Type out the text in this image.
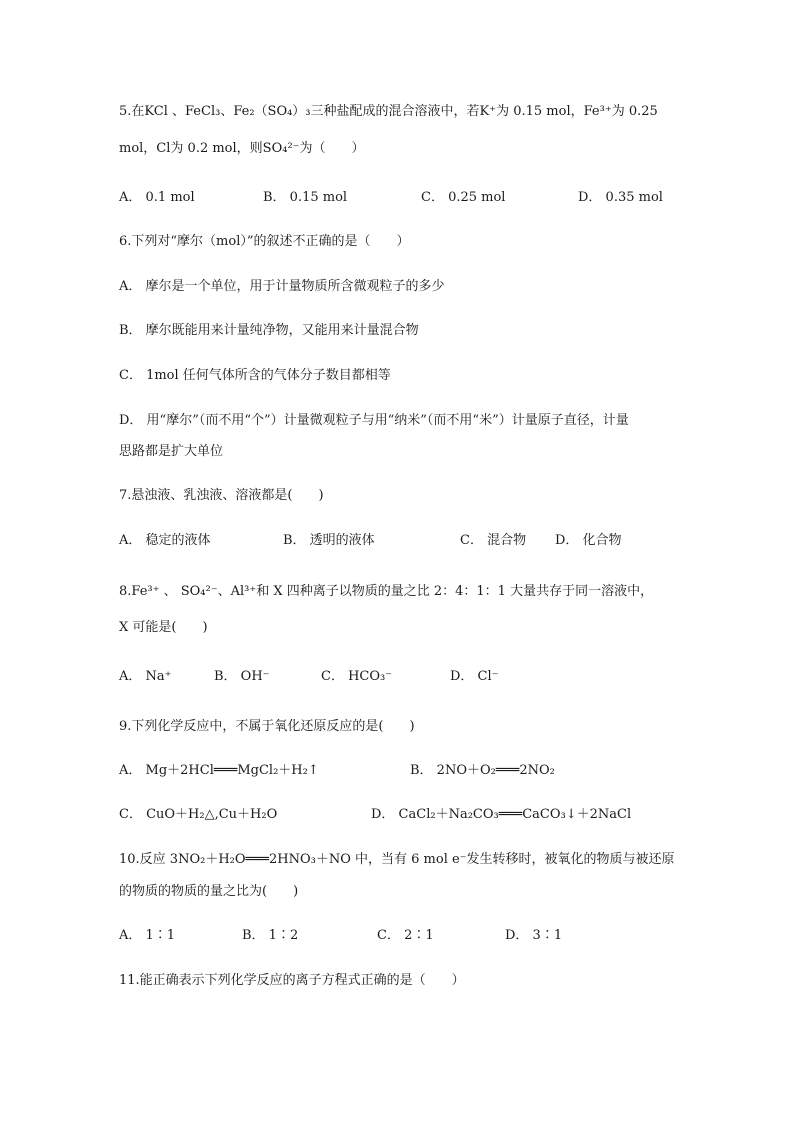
5.在KCl 、FeCl₃、Fe₂（SO₄）₃三种盐配成的混合溶液中，若K⁺为 0.15 mol，Fe³⁺为 0.25
mol，Cl为 0.2 mol，则SO₄²⁻为（　　）
A． 0.1 mol	B． 0.15 mol	C． 0.25 mol	D． 0.35 mol
6.下列对“摩尔（mol）”的叙述不正确的是（　　）
A． 摩尔是一个单位，用于计量物质所含微观粒子的多少
B． 摩尔既能用来计量纯净物，又能用来计量混合物
C． 1mol 任何气体所含的气体分子数目都相等
D． 用“摩尔”（而不用“个”）计量微观粒子与用“纳米”（而不用“米”）计量原子直径，计量
思路都是扩大单位
7.悬浊液、乳浊液、溶液都是(　　)
A． 稳定的液体	B． 透明的液体	C． 混合物 D． 化合物
8.Fe³⁺ 、 SO₄²⁻、Al³⁺和 X 四种离子以物质的量之比 2：4：1：1 大量共存于同一溶液中，
X 可能是(　　)
A． Na⁺	B． OH⁻	C． HCO₃⁻	D． Cl⁻
9.下列化学反应中，不属于氧化还原反应的是(　　)
A． Mg＋2HCl═══MgCl₂＋H₂↑	B． 2NO＋O₂═══2NO₂
C． CuO＋H₂△,Cu＋H₂O	D． CaCl₂＋Na₂CO₃═══CaCO₃↓＋2NaCl
10.反应 3NO₂＋H₂O═══2HNO₃＋NO 中，当有 6 mol e⁻发生转移时，被氧化的物质与被还原
的物质的物质的量之比为(　　)
A． 1∶1	B． 1∶2	C． 2∶1	D． 3∶1
11.能正确表示下列化学反应的离子方程式正确的是（　　）
